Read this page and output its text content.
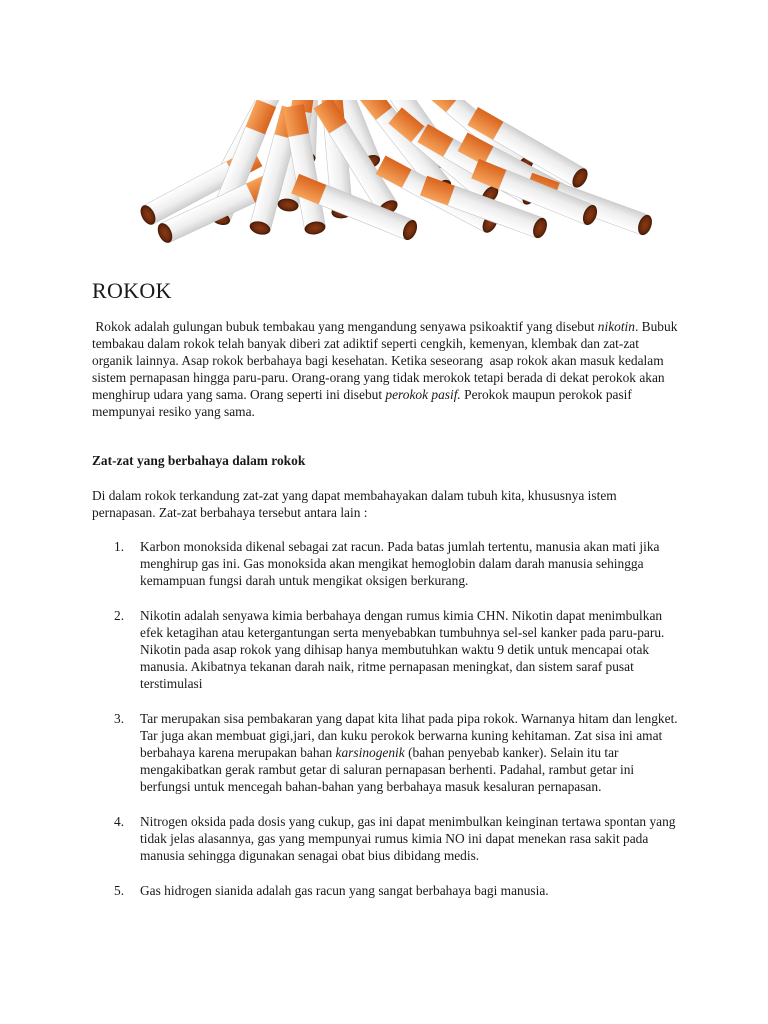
ROKOK

Rokok adalah gulungan bubuk tembakau yang mengandung senyawa psikoaktif yang disebut nikotin. Bubuk tembakau dalam rokok telah banyak diberi zat adiktif seperti cengkih, kemenyan, klembak dan zat-zat organik lainnya. Asap rokok berbahaya bagi kesehatan. Ketika seseorang  asap rokok akan masuk kedalam sistem pernapasan hingga paru-paru. Orang-orang yang tidak merokok tetapi berada di dekat perokok akan menghirup udara yang sama. Orang seperti ini disebut perokok pasif. Perokok maupun perokok pasif mempunyai resiko yang sama.

Zat-zat yang berbahaya dalam rokok

Di dalam rokok terkandung zat-zat yang dapat membahayakan dalam tubuh kita, khususnya istem pernapasan. Zat-zat berbahaya tersebut antara lain :

1. Karbon monoksida dikenal sebagai zat racun. Pada batas jumlah tertentu, manusia akan mati jika menghirup gas ini. Gas monoksida akan mengikat hemoglobin dalam darah manusia sehingga kemampuan fungsi darah untuk mengikat oksigen berkurang.

2. Nikotin adalah senyawa kimia berbahaya dengan rumus kimia CHN. Nikotin dapat menimbulkan efek ketagihan atau ketergantungan serta menyebabkan tumbuhnya sel-sel kanker pada paru-paru. Nikotin pada asap rokok yang dihisap hanya membutuhkan waktu 9 detik untuk mencapai otak manusia. Akibatnya tekanan darah naik, ritme pernapasan meningkat, dan sistem saraf pusat terstimulasi

3. Tar merupakan sisa pembakaran yang dapat kita lihat pada pipa rokok. Warnanya hitam dan lengket. Tar juga akan membuat gigi,jari, dan kuku perokok berwarna kuning kehitaman. Zat sisa ini amat berbahaya karena merupakan bahan karsinogenik (bahan penyebab kanker). Selain itu tar mengakibatkan gerak rambut getar di saluran pernapasan berhenti. Padahal, rambut getar ini berfungsi untuk mencegah bahan-bahan yang berbahaya masuk kesaluran pernapasan.

4. Nitrogen oksida pada dosis yang cukup, gas ini dapat menimbulkan keinginan tertawa spontan yang tidak jelas alasannya, gas yang mempunyai rumus kimia NO ini dapat menekan rasa sakit pada manusia sehingga digunakan senagai obat bius dibidang medis.

5. Gas hidrogen sianida adalah gas racun yang sangat berbahaya bagi manusia.
